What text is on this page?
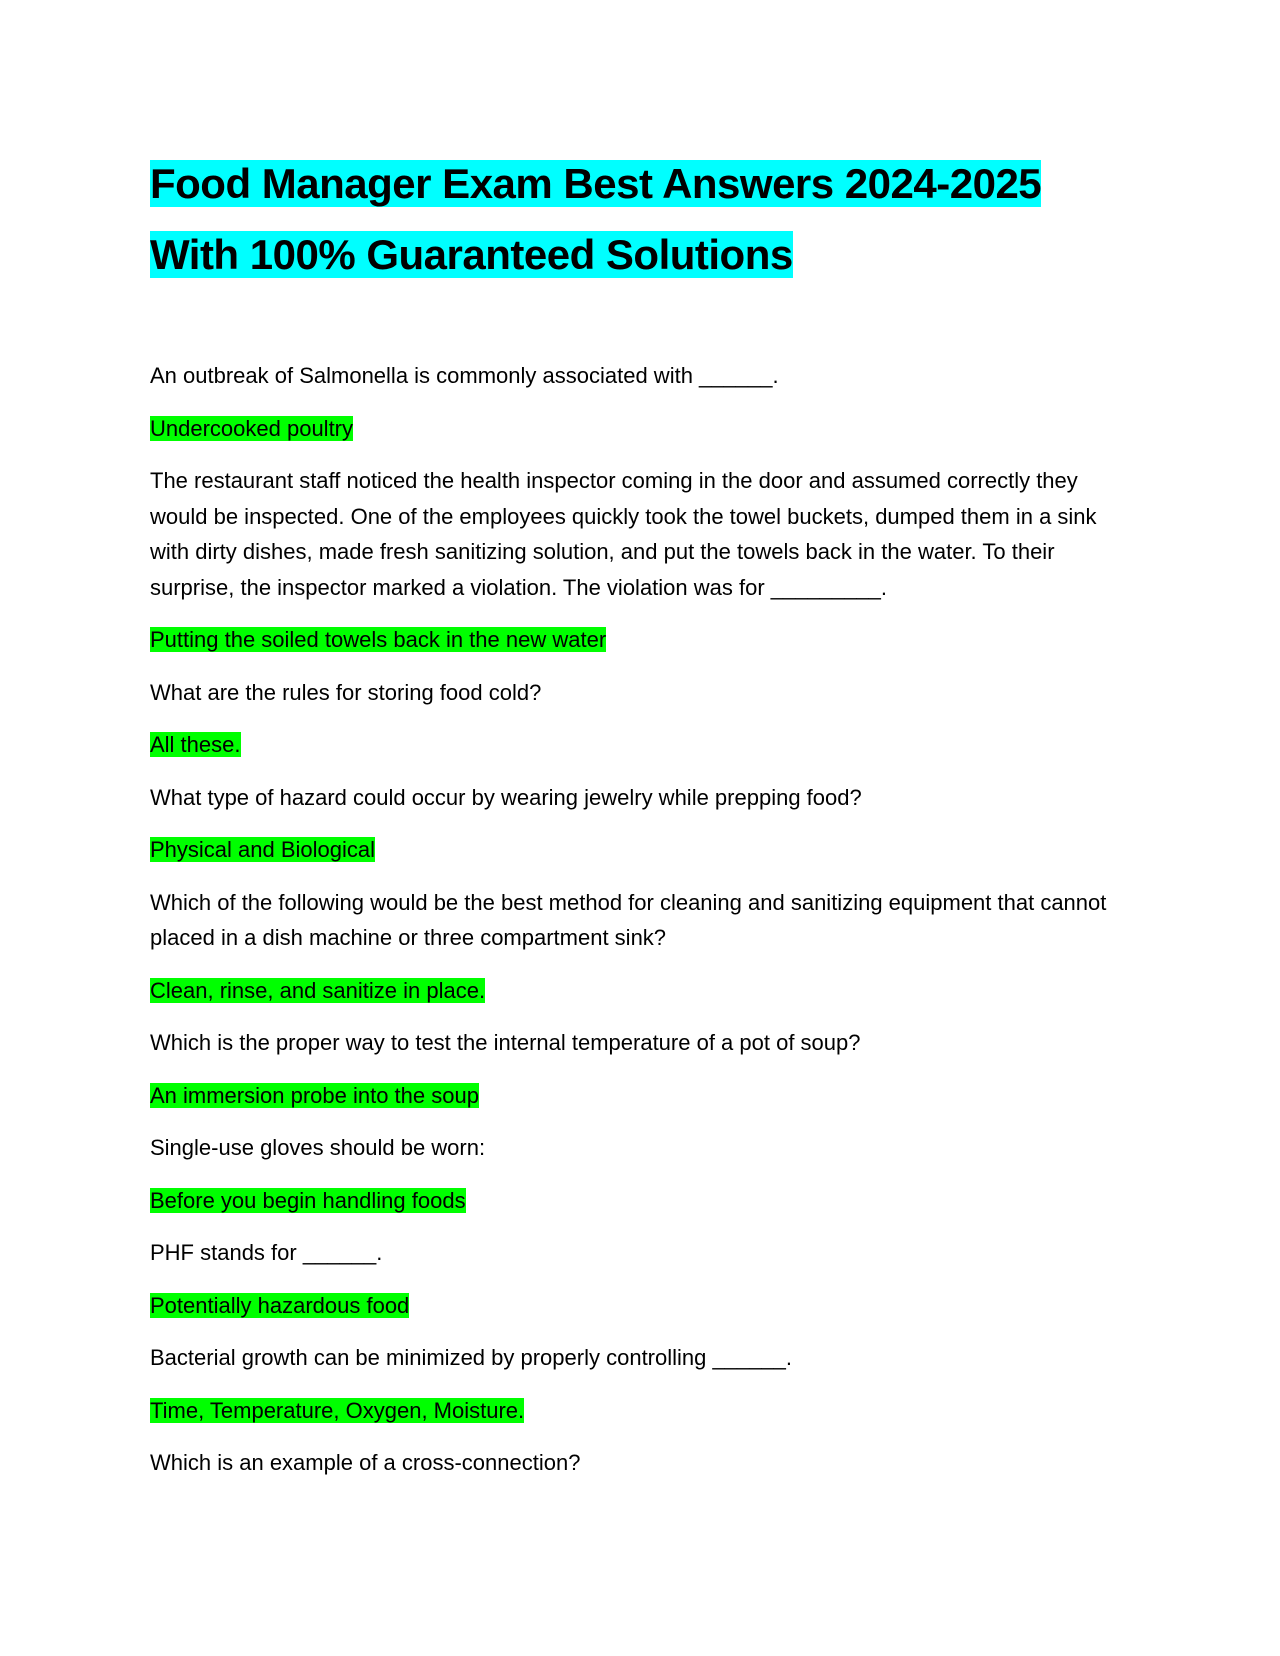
Food Manager Exam Best Answers 2024-2025
With 100% Guaranteed Solutions

An outbreak of Salmonella is commonly associated with ______.

Undercooked poultry

The restaurant staff noticed the health inspector coming in the door and assumed correctly they would be inspected. One of the employees quickly took the towel buckets, dumped them in a sink with dirty dishes, made fresh sanitizing solution, and put the towels back in the water. To their surprise, the inspector marked a violation. The violation was for _________.

Putting the soiled towels back in the new water

What are the rules for storing food cold?

All these.

What type of hazard could occur by wearing jewelry while prepping food?

Physical and Biological

Which of the following would be the best method for cleaning and sanitizing equipment that cannot placed in a dish machine or three compartment sink?

Clean, rinse, and sanitize in place.

Which is the proper way to test the internal temperature of a pot of soup?

An immersion probe into the soup

Single-use gloves should be worn:

Before you begin handling foods

PHF stands for ______.

Potentially hazardous food

Bacterial growth can be minimized by properly controlling ______.

Time, Temperature, Oxygen, Moisture.

Which is an example of a cross-connection?
